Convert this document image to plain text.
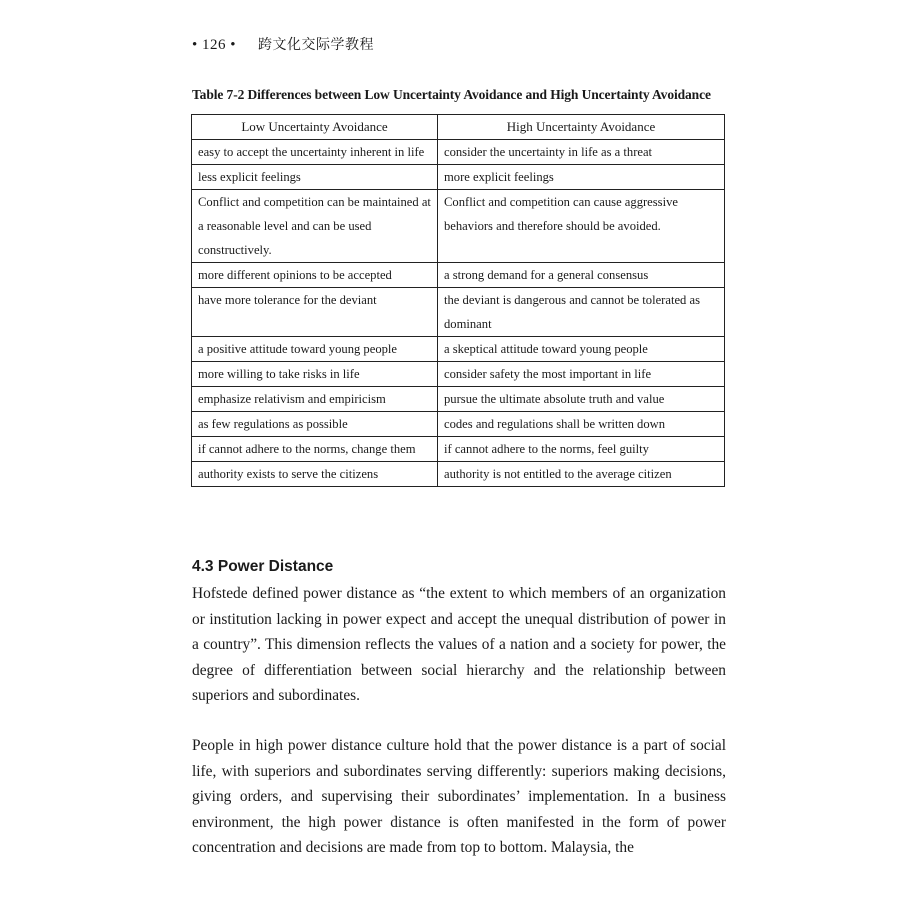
• 126 • 跨文化交际学教程
Table 7-2 Differences between Low Uncertainty Avoidance and High Uncertainty Avoidance
Low Uncertainty Avoidance	High Uncertainty Avoidance
easy to accept the uncertainty inherent in life	consider the uncertainty in life as a threat
less explicit feelings	more explicit feelings
Conflict and competition can be maintained at a reasonable level and can be used constructively.	Conflict and competition can cause aggressive behaviors and therefore should be avoided.
more different opinions to be accepted	a strong demand for a general consensus
have more tolerance for the deviant	the deviant is dangerous and cannot be tolerated as dominant
a positive attitude toward young people	a skeptical attitude toward young people
more willing to take risks in life	consider safety the most important in life
emphasize relativism and empiricism	pursue the ultimate absolute truth and value
as few regulations as possible	codes and regulations shall be written down
if cannot adhere to the norms, change them	if cannot adhere to the norms, feel guilty
authority exists to serve the citizens	authority is not entitled to the average citizen
4.3 Power Distance

Hofstede defined power distance as “the extent to which members of an organization or institution lacking in power expect and accept the unequal distribution of power in a country”. This dimension reflects the values of a nation and a society for power, the degree of differentiation between social hierarchy and the relationship between superiors and subordinates.

People in high power distance culture hold that the power distance is a part of social life, with superiors and subordinates serving differently: superiors making decisions, giving orders, and supervising their subordinates’ implementation. In a business environment, the high power distance is often manifested in the form of power concentration and decisions are made from top to bottom. Malaysia, the
